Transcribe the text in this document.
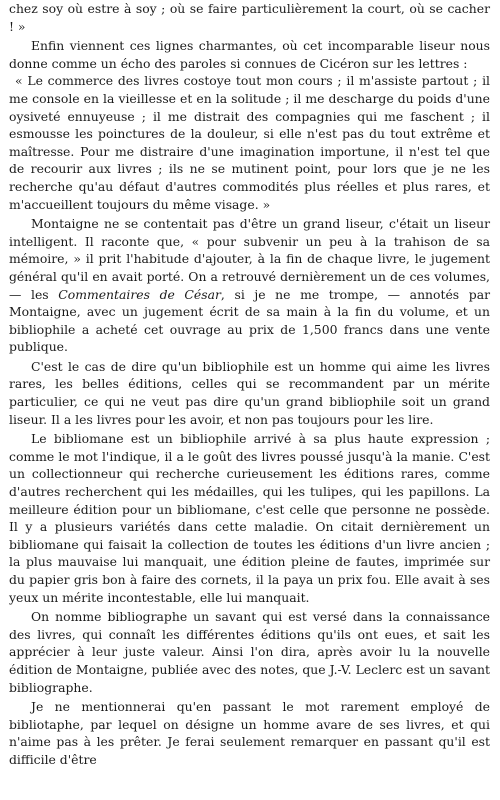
chez soy où estre à soy ; où se faire particulièrement la court, où se cacher ! »

Enfin viennent ces lignes charmantes, où cet incomparable liseur nous donne comme un écho des paroles si connues de Cicéron sur les lettres :

« Le commerce des livres costoye tout mon cours ; il m'assiste partout ; il me console en la vieillesse et en la solitude ; il me descharge du poids d'une oysiveté ennuyeuse ; il me distrait des compagnies qui me faschent ; il esmousse les poinctures de la douleur, si elle n'est pas du tout extrême et maîtresse. Pour me distraire d'une imagination importune, il n'est tel que de recourir aux livres ; ils ne se mutinent point, pour lors que je ne les recherche qu'au défaut d'autres commodités plus réelles et plus rares, et m'accueillent toujours du même visage. »

Montaigne ne se contentait pas d'être un grand liseur, c'était un liseur intelligent. Il raconte que, « pour subvenir un peu à la trahison de sa mémoire, » il prit l'habitude d'ajouter, à la fin de chaque livre, le jugement général qu'il en avait porté. On a retrouvé dernièrement un de ces volumes, — les Commentaires de César, si je ne me trompe, — annotés par Montaigne, avec un jugement écrit de sa main à la fin du volume, et un bibliophile a acheté cet ouvrage au prix de 1,500 francs dans une vente publique.

C'est le cas de dire qu'un bibliophile est un homme qui aime les livres rares, les belles éditions, celles qui se recommandent par un mérite particulier, ce qui ne veut pas dire qu'un grand bibliophile soit un grand liseur. Il a les livres pour les avoir, et non pas toujours pour les lire.

Le bibliomane est un bibliophile arrivé à sa plus haute expression ; comme le mot l'indique, il a le goût des livres poussé jusqu'à la manie. C'est un collectionneur qui recherche curieusement les éditions rares, comme d'autres recherchent qui les médailles, qui les tulipes, qui les papillons. La meilleure édition pour un bibliomane, c'est celle que personne ne possède. Il y a plusieurs variétés dans cette maladie. On citait dernièrement un bibliomane qui faisait la collection de toutes les éditions d'un livre ancien ; la plus mauvaise lui manquait, une édition pleine de fautes, imprimée sur du papier gris bon à faire des cornets, il la paya un prix fou. Elle avait à ses yeux un mérite incontestable, elle lui manquait.

On nomme bibliographe un savant qui est versé dans la connaissance des livres, qui connaît les différentes éditions qu'ils ont eues, et sait les apprécier à leur juste valeur. Ainsi l'on dira, après avoir lu la nouvelle édition de Montaigne, publiée avec des notes, que J.-V. Leclerc est un savant bibliographe.

Je ne mentionnerai qu'en passant le mot rarement employé de bibliotaphe, par lequel on désigne un homme avare de ses livres, et qui n'aime pas à les prêter. Je ferai seulement remarquer en passant qu'il est difficile d'être
